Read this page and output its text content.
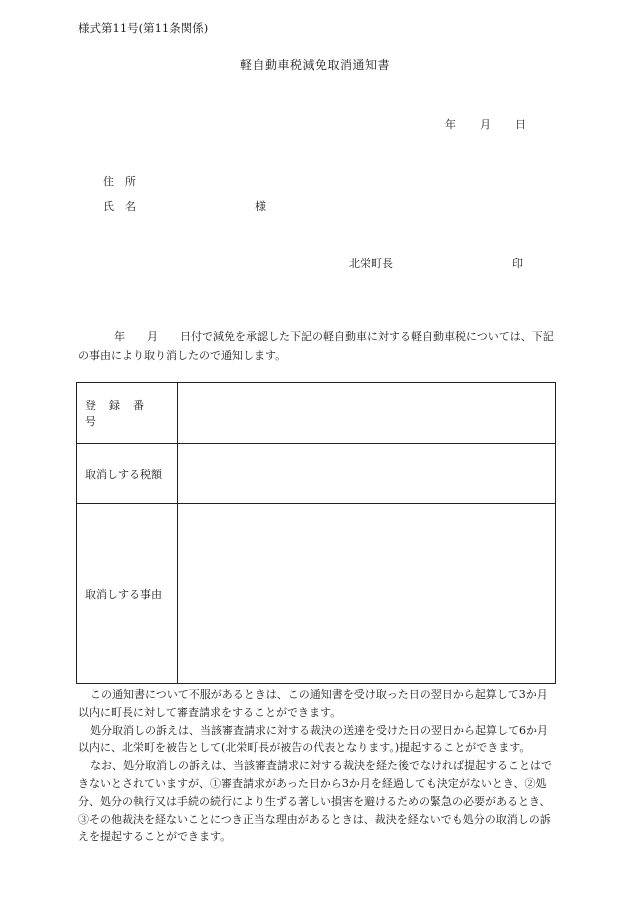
様式第11号(第11条関係)
軽自動車税減免取消通知書
年 月 日
住　所
氏　名	様
北栄町長	印
年 月 日付で減免を承認した下記の軽自動車に対する軽自動車税については、下記の事由により取り消したので通知します。
登録番号
取消しする税額
取消しする事由

この通知書について不服があるときは、この通知書を受け取った日の翌日から起算して3か月以内に町長に対して審査請求をすることができます。

処分取消しの訴えは、当該審査請求に対する裁決の送達を受けた日の翌日から起算して6か月以内に、北栄町を被告として(北栄町長が被告の代表となります。)提起することができます。

なお、処分取消しの訴えは、当該審査請求に対する裁決を経た後でなければ提起することはできないとされていますが、①審査請求があった日から3か月を経過しても決定がないとき、②処分、処分の執行又は手続の続行により生ずる著しい損害を避けるための緊急の必要があるとき、③その他裁決を経ないことにつき正当な理由があるときは、裁決を経ないでも処分の取消しの訴えを提起することができます。
